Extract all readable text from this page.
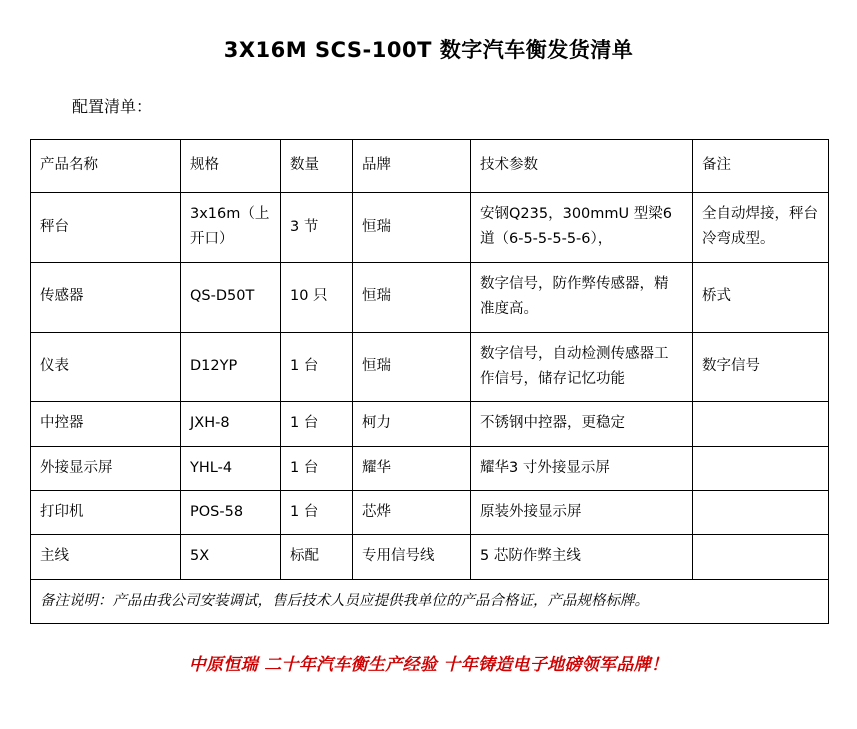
3X16M SCS-100T 数字汽车衡发货清单
配置清单：
产品名称	规格	数量	品牌	技术参数	备注
秤台	3x16m（上开口）	3 节	恒瑞	安钢Q235，300mmU 型梁6道（6-5-5-5-5-6），	全自动焊接，秤台冷弯成型。
传感器	QS-D50T	10 只	恒瑞	数字信号，防作弊传感器，精准度高。	桥式
仪表	D12YP	1 台	恒瑞	数字信号，自动检测传感器工作信号，储存记忆功能	数字信号
中控器	JXH-8	1 台	柯力	不锈钢中控器，更稳定	
外接显示屏	YHL-4	1 台	耀华	耀华3 寸外接显示屏	
打印机	POS-58	1 台	芯烨	原装外接显示屏	
主线	5X	标配	专用信号线	5 芯防作弊主线	
备注说明：产品由我公司安装调试，售后技术人员应提供我单位的产品合格证，产品规格标牌。					
中原恒瑞 二十年汽车衡生产经验 十年铸造电子地磅领军品牌！
